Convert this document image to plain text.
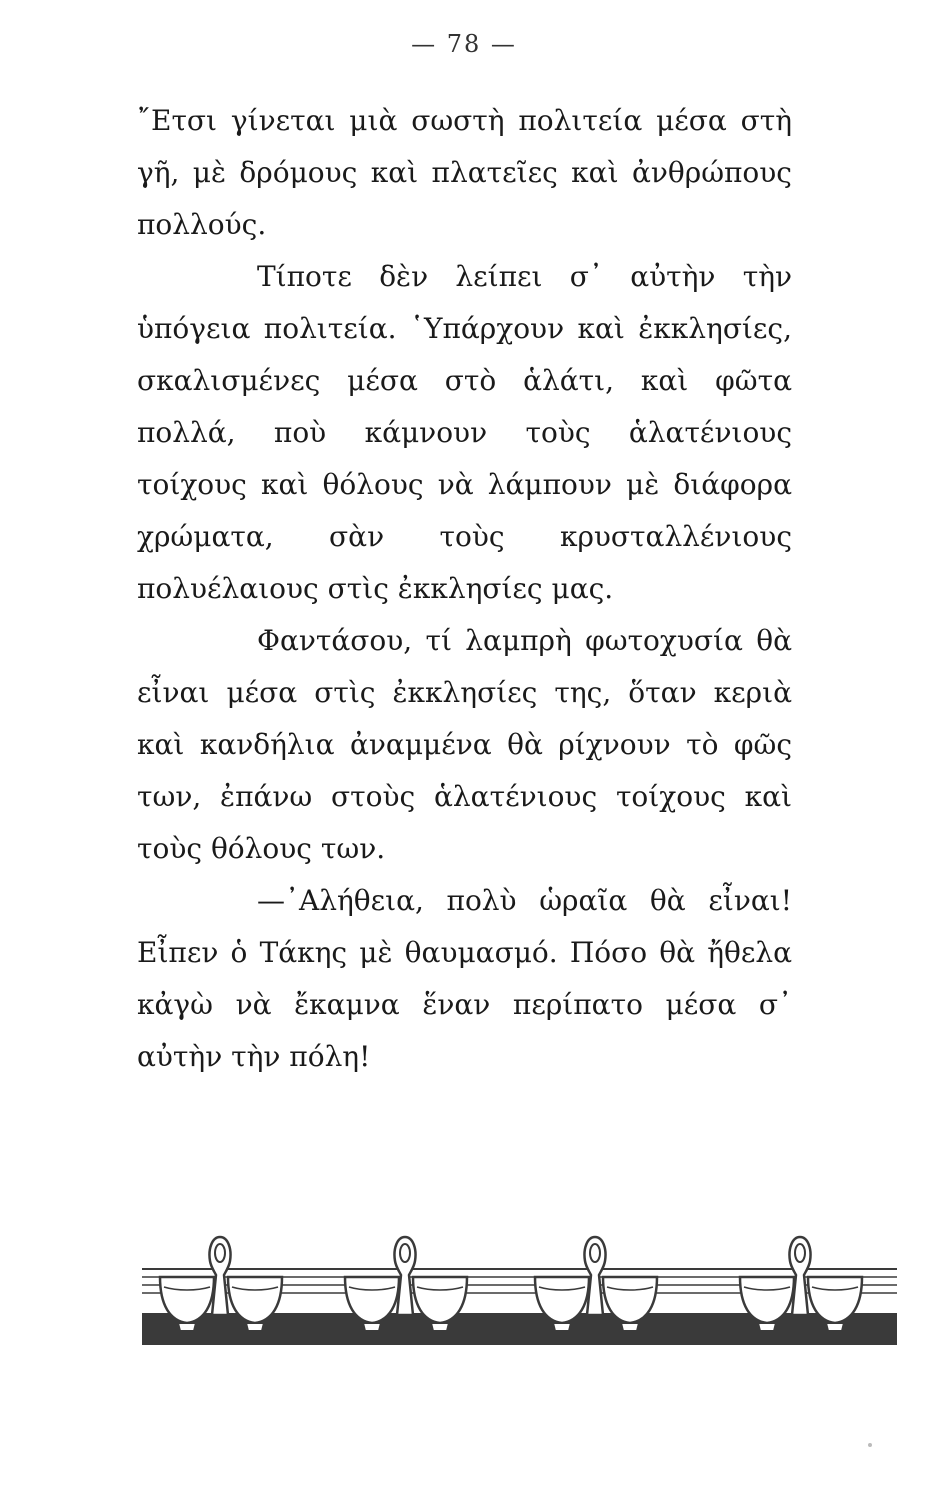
— 78 —

῎Ετσι γίνεται μιὰ σωστὴ πολιτεία μέσα στὴ γῆ, μὲ δρόμους καὶ πλατεῖες καὶ ἀνθρώπους πολλούς.

Τίποτε δὲν λείπει σ᾿ αὐτὴν τὴν ὑπόγεια πολιτεία. ῾Υπάρχουν καὶ ἐκκλησίες, σκαλισμένες μέσα στὸ ἁλάτι, καὶ φῶτα πολλά, ποὺ κάμνουν τοὺς ἁλατένιους τοίχους καὶ θόλους νὰ λάμπουν μὲ διάφορα χρώματα, σὰν τοὺς κρυσταλλένιους πολυέλαιους στὶς ἐκκλησίες μας.

Φαντάσου, τί λαμπρὴ φωτοχυσία θὰ εἶναι μέσα στὶς ἐκκλησίες της, ὅταν κεριὰ καὶ κανδήλια ἀναμμένα θὰ ρίχνουν τὸ φῶς των, ἐπάνω στοὺς ἁλατένιους τοίχους καὶ τοὺς θόλους των.

—᾿Αλήθεια, πολὺ ὡραῖα θὰ εἶναι! Εἶπεν ὁ Τάκης μὲ θαυμασμό. Πόσο θὰ ἤθελα κἀγὼ νὰ ἔκαμνα ἕναν περίπατο μέσα σ᾿ αὐτὴν τὴν πόλη!
